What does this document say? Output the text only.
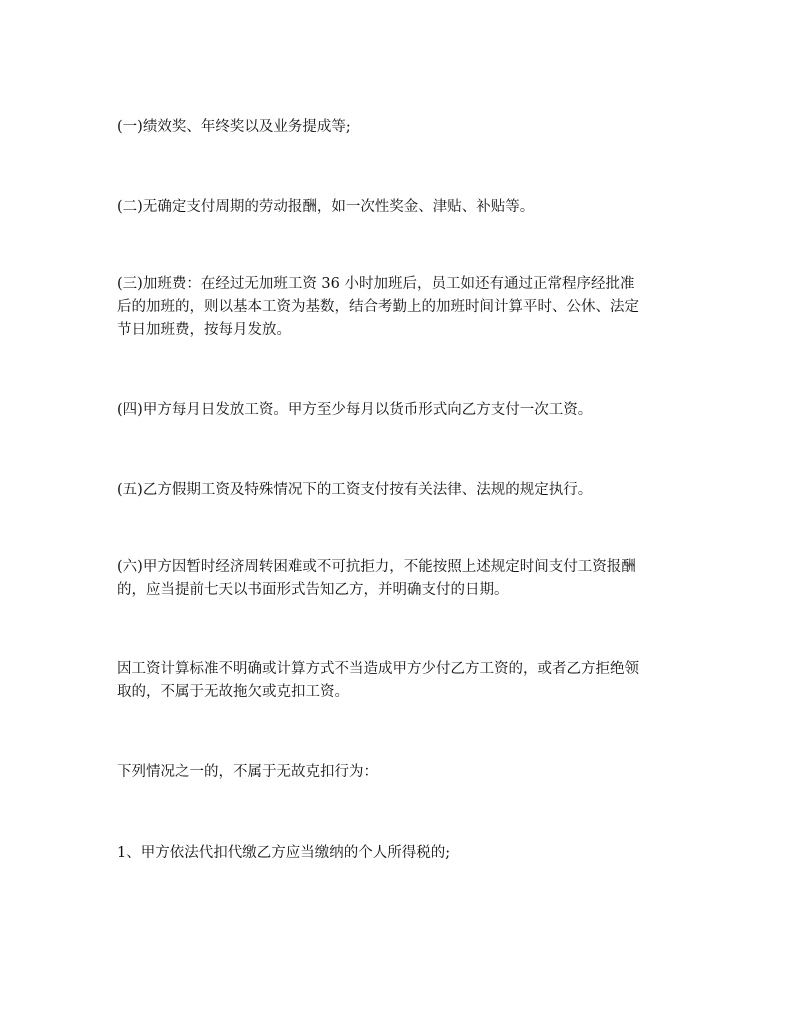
(一)绩效奖、年终奖以及业务提成等;

(二)无确定支付周期的劳动报酬，如一次性奖金、津贴、补贴等。

(三)加班费：在经过无加班工资 36 小时加班后，员工如还有通过正常程序经批准
后的加班的，则以基本工资为基数，结合考勤上的加班时间计算平时、公休、法定
节日加班费，按每月发放。

(四)甲方每月日发放工资。甲方至少每月以货币形式向乙方支付一次工资。

(五)乙方假期工资及特殊情况下的工资支付按有关法律、法规的规定执行。

(六)甲方因暂时经济周转困难或不可抗拒力，不能按照上述规定时间支付工资报酬
的，应当提前七天以书面形式告知乙方，并明确支付的日期。

因工资计算标准不明确或计算方式不当造成甲方少付乙方工资的，或者乙方拒绝领
取的，不属于无故拖欠或克扣工资。

下列情况之一的，不属于无故克扣行为：

1、甲方依法代扣代缴乙方应当缴纳的个人所得税的;
